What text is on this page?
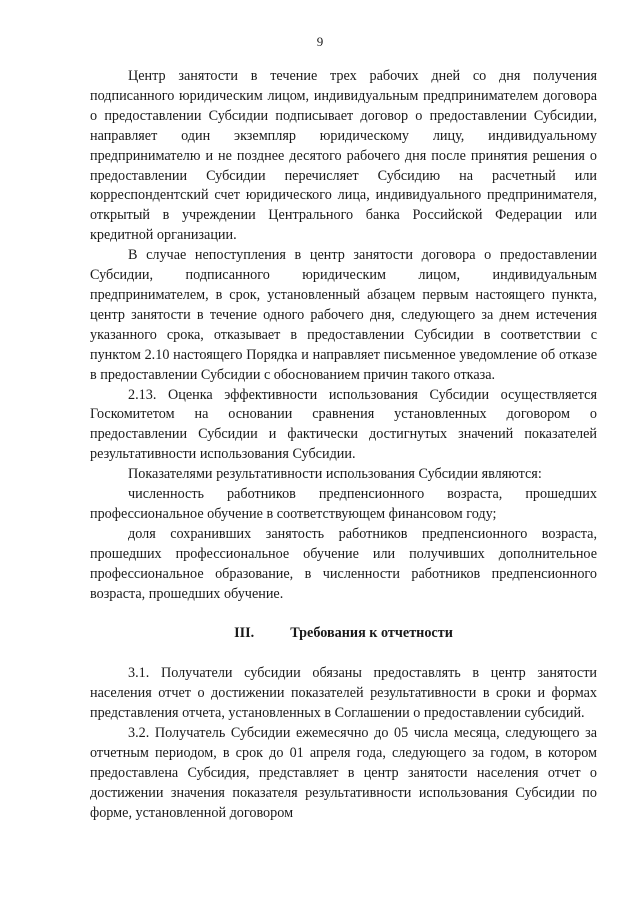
9

Центр занятости в течение трех рабочих дней со дня получения подписанного юридическим лицом, индивидуальным предпринимателем договора о предоставлении Субсидии подписывает договор о предоставлении Субсидии, направляет один экземпляр юридическому лицу, индивидуальному предпринимателю и не позднее десятого рабочего дня после принятия решения о предоставлении Субсидии перечисляет Субсидию на расчетный или корреспондентский счет юридического лица, индивидуального предпринимателя, открытый в учреждении Центрального банка Российской Федерации или кредитной организации.

В случае непоступления в центр занятости договора о предоставлении Субсидии, подписанного юридическим лицом, индивидуальным предпринимателем, в срок, установленный абзацем первым настоящего пункта, центр занятости в течение одного рабочего дня, следующего за днем истечения указанного срока, отказывает в предоставлении Субсидии в соответствии с пунктом 2.10 настоящего Порядка и направляет письменное уведомление об отказе в предоставлении Субсидии с обоснованием причин такого отказа.

2.13. Оценка эффективности использования Субсидии осуществляется Госкомитетом на основании сравнения установленных договором о предоставлении Субсидии и фактически достигнутых значений показателей результативности использования Субсидии.

Показателями результативности использования Субсидии являются:

численность работников предпенсионного возраста, прошедших профессиональное обучение в соответствующем финансовом году;

доля сохранивших занятость работников предпенсионного возраста, прошедших профессиональное обучение или получивших дополнительное профессиональное образование, в численности работников предпенсионного возраста, прошедших обучение.

III.	Требования к отчетности

3.1. Получатели субсидии обязаны предоставлять в центр занятости населения отчет о достижении показателей результативности в сроки и формах представления отчета, установленных в Соглашении о предоставлении субсидий.

3.2. Получатель Субсидии ежемесячно до 05 числа месяца, следующего за отчетным периодом, в срок до 01 апреля года, следующего за годом, в котором предоставлена Субсидия, представляет в центр занятости населения отчет о достижении значения показателя результативности использования Субсидии по форме, установленной договором
